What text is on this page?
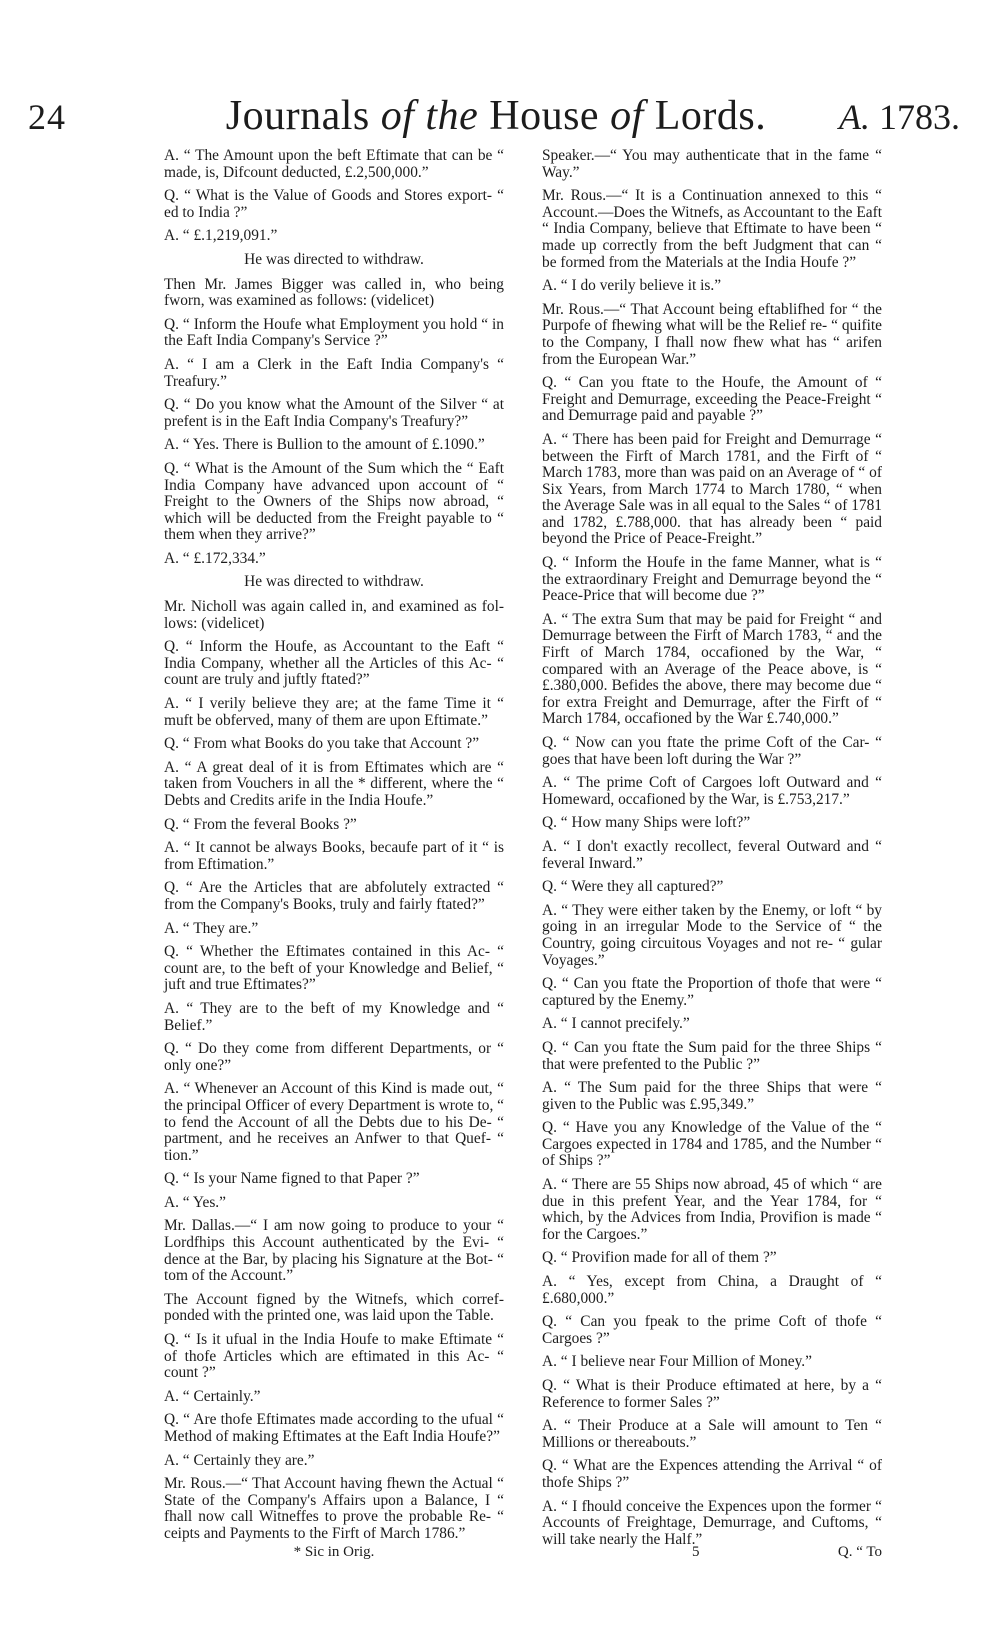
24	Journals of the House of Lords.	A. 1783.

A. “ The Amount upon the beft Eftimate that can be “ made, is, Difcount deducted, £.2,500,000.”

Q. “ What is the Value of Goods and Stores export- “ ed to India ?”

A. “ £.1,219,091.”

He was directed to withdraw.

Then Mr. James Bigger was called in, who being fworn, was examined as follows: (videlicet)

Q. “ Inform the Houfe what Employment you hold “ in the Eaft India Company's Service ?”

A. “ I am a Clerk in the Eaft India Company's “ Treafury.”

Q. “ Do you know what the Amount of the Silver “ at prefent is in the Eaft India Company's Treafury?”

A. “ Yes. There is Bullion to the amount of £.1090.”

Q. “ What is the Amount of the Sum which the “ Eaft India Company have advanced upon account of “ Freight to the Owners of the Ships now abroad, “ which will be deducted from the Freight payable to “ them when they arrive?”

A. “ £.172,334.”

He was directed to withdraw.

Mr. Nicholl was again called in, and examined as fol- lows: (videlicet)

Q. “ Inform the Houfe, as Accountant to the Eaft “ India Company, whether all the Articles of this Ac- “ count are truly and juftly ftated?”

A. “ I verily believe they are; at the fame Time it “ muft be obferved, many of them are upon Eftimate.”

Q. “ From what Books do you take that Account ?”

A. “ A great deal of it is from Eftimates which are “ taken from Vouchers in all the * different, where the “ Debts and Credits arife in the India Houfe.”

Q. “ From the feveral Books ?”

A. “ It cannot be always Books, becaufe part of it “ is from Eftimation.”

Q. “ Are the Articles that are abfolutely extracted “ from the Company's Books, truly and fairly ftated?”

A. “ They are.”

Q. “ Whether the Eftimates contained in this Ac- “ count are, to the beft of your Knowledge and Belief, “ juft and true Eftimates?”

A. “ They are to the beft of my Knowledge and “ Belief.”

Q. “ Do they come from different Departments, or “ only one?”

A. “ Whenever an Account of this Kind is made out, “ the principal Officer of every Department is wrote to, “ to fend the Account of all the Debts due to his De- “ partment, and he receives an Anfwer to that Quef- “ tion.”

Q. “ Is your Name figned to that Paper ?”

A. “ Yes.”

Mr. Dallas.—“ I am now going to produce to your “ Lordfhips this Account authenticated by the Evi- “ dence at the Bar, by placing his Signature at the Bot- “ tom of the Account.”

The Account figned by the Witnefs, which corref- ponded with the printed one, was laid upon the Table.

Q. “ Is it ufual in the India Houfe to make Eftimate “ of thofe Articles which are eftimated in this Ac- “ count ?”

A. “ Certainly.”

Q. “ Are thofe Eftimates made according to the ufual “ Method of making Eftimates at the Eaft India Houfe?”

A. “ Certainly they are.”

Mr. Rous.—“ That Account having fhewn the Actual “ State of the Company's Affairs upon a Balance, I “ fhall now call Witneffes to prove the probable Re- “ ceipts and Payments to the Firft of March 1786.”

Speaker.—“ You may authenticate that in the fame “ Way.”

Mr. Rous.—“ It is a Continuation annexed to this “ Account.—Does the Witnefs, as Accountant to the Eaft “ India Company, believe that Eftimate to have been “ made up correctly from the beft Judgment that can “ be formed from the Materials at the India Houfe ?”

A. “ I do verily believe it is.”

Mr. Rous.—“ That Account being eftablifhed for “ the Purpofe of fhewing what will be the Relief re- “ quifite to the Company, I fhall now fhew what has “ arifen from the European War.”

Q. “ Can you ftate to the Houfe, the Amount of “ Freight and Demurrage, exceeding the Peace-Freight “ and Demurrage paid and payable ?”

A. “ There has been paid for Freight and Demurrage “ between the Firft of March 1781, and the Firft of “ March 1783, more than was paid on an Average of “ of Six Years, from March 1774 to March 1780, “ when the Average Sale was in all equal to the Sales “ of 1781 and 1782, £.788,000. that has already been “ paid beyond the Price of Peace-Freight.”

Q. “ Inform the Houfe in the fame Manner, what is “ the extraordinary Freight and Demurrage beyond the “ Peace-Price that will become due ?”

A. “ The extra Sum that may be paid for Freight “ and Demurrage between the Firft of March 1783, “ and the Firft of March 1784, occafioned by the War, “ compared with an Average of the Peace above, is “ £.380,000. Befides the above, there may become due “ for extra Freight and Demurrage, after the Firft of “ March 1784, occafioned by the War £.740,000.”

Q. “ Now can you ftate the prime Coft of the Car- “ goes that have been loft during the War ?”

A. “ The prime Coft of Cargoes loft Outward and “ Homeward, occafioned by the War, is £.753,217.”

Q. “ How many Ships were loft?”

A. “ I don't exactly recollect, feveral Outward and “ feveral Inward.”

Q. “ Were they all captured?”

A. “ They were either taken by the Enemy, or loft “ by going in an irregular Mode to the Service of “ the Country, going circuitous Voyages and not re- “ gular Voyages.”

Q. “ Can you ftate the Proportion of thofe that were “ captured by the Enemy.”

A. “ I cannot precifely.”

Q. “ Can you ftate the Sum paid for the three Ships “ that were prefented to the Public ?”

A. “ The Sum paid for the three Ships that were “ given to the Public was £.95,349.”

Q. “ Have you any Knowledge of the Value of the “ Cargoes expected in 1784 and 1785, and the Number “ of Ships ?”

A. “ There are 55 Ships now abroad, 45 of which “ are due in this prefent Year, and the Year 1784, for “ which, by the Advices from India, Provifion is made “ for the Cargoes.”

Q. “ Provifion made for all of them ?”

A. “ Yes, except from China, a Draught of “ £.680,000.”

Q. “ Can you fpeak to the prime Coft of thofe “ Cargoes ?”

A. “ I believe near Four Million of Money.”

Q. “ What is their Produce eftimated at here, by a “ Reference to former Sales ?”

A. “ Their Produce at a Sale will amount to Ten “ Millions or thereabouts.”

Q. “ What are the Expences attending the Arrival “ of thofe Ships ?”

A. “ I fhould conceive the Expences upon the former “ Accounts of Freightage, Demurrage, and Cuftoms, “ will take nearly the Half.”

* Sic in Orig.	5	Q. “ To
